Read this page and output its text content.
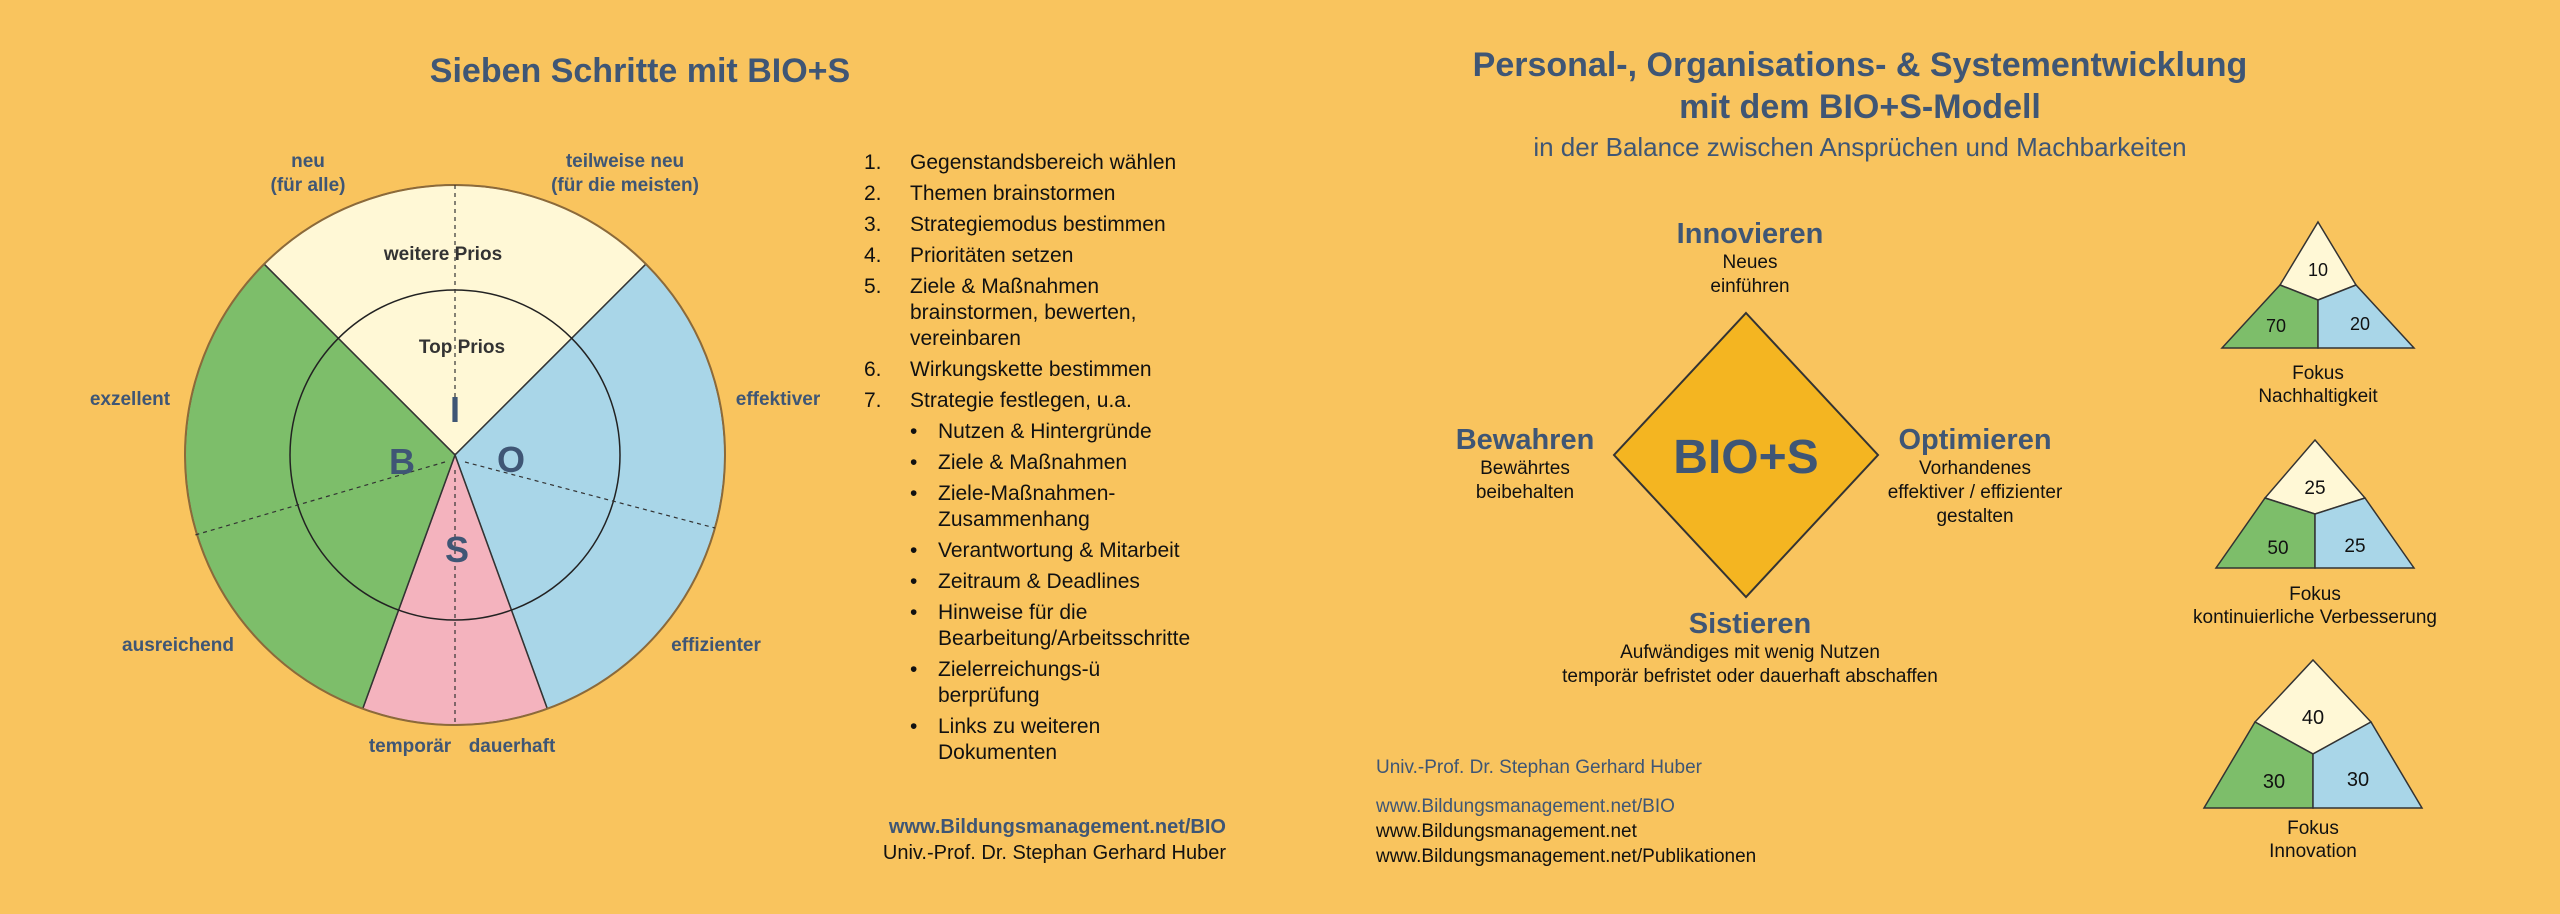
Sieben Schritte mit BIO+S
neu
(für alle)
teilweise neu
(für die meisten)
exzellent	effektiver
ausreichend	effizienter
temporär dauerhaft
weitere Prios
Top Prios
I
B O
S
1.	Gegenstandsbereich wählen
2.	Themen brainstormen
3.	Strategiemodus bestimmen
4.	Prioritäten setzen
5.	Ziele & Maßnahmen brainstormen, bewerten, vereinbaren
6.	Wirkungskette bestimmen
7.	Strategie festlegen, u.a.
• Nutzen & Hintergründe
• Ziele & Maßnahmen
• Ziele-Maßnahmen-Zusammenhang
• Verantwortung & Mitarbeit
• Zeitraum & Deadlines
• Hinweise für die Bearbeitung/Arbeitsschritte
• Zielerreichungs-überprüfung
• Links zu weiteren Dokumenten
www.Bildungsmanagement.net/BIO
Univ.-Prof. Dr. Stephan Gerhard Huber
Personal-, Organisations- & Systementwicklung
mit dem BIO+S-Modell
in der Balance zwischen Ansprüchen und Machbarkeiten
BIO+S
Innovieren
Neues
einführen
Bewahren
Bewährtes
beibehalten
Optimieren
Vorhandenes
effektiver / effizienter
gestalten
Sistieren
Aufwändiges mit wenig Nutzen
temporär befristet oder dauerhaft abschaffen
Univ.-Prof. Dr. Stephan Gerhard Huber
www.Bildungsmanagement.net/BIO
www.Bildungsmanagement.net
www.Bildungsmanagement.net/Publikationen
10
70	20
Fokus
Nachhaltigkeit
25
50	25
Fokus
kontinuierliche Verbesserung
40
30	30
Fokus
Innovation
